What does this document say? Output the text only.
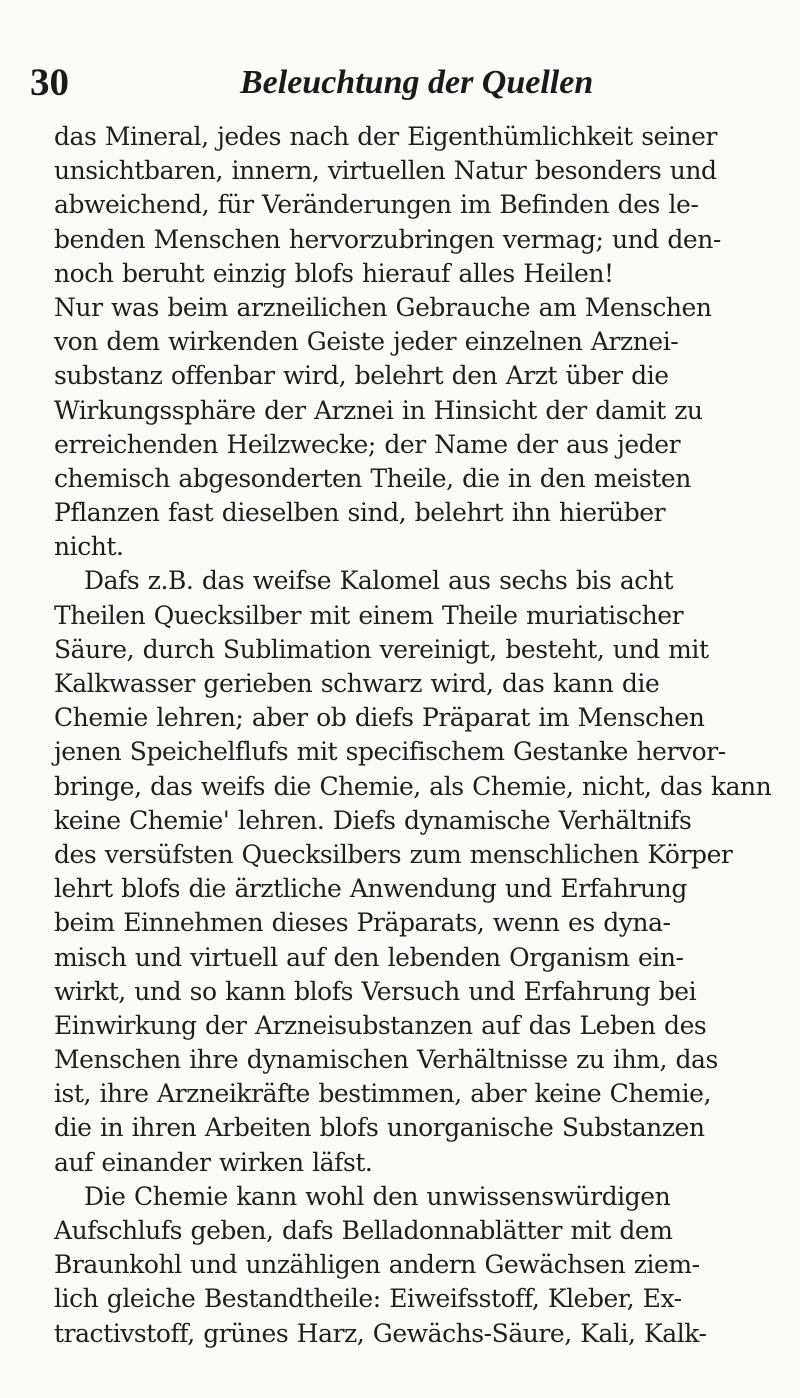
30	Beleuchtung der Quellen
das Mineral, jedes nach der Eigenthümlichkeit seiner
unsichtbaren, innern, virtuellen Natur besonders und
abweichend, für Veränderungen im Befinden des le-
benden Menschen hervorzubringen vermag; und den-
noch beruht einzig blofs hierauf alles Heilen!
Nur was beim arzneilichen Gebrauche am Menschen
von dem wirkenden Geiste jeder einzelnen Arznei-
substanz offenbar wird, belehrt den Arzt über die
Wirkungssphäre der Arznei in Hinsicht der damit zu
erreichenden Heilzwecke; der Name der aus jeder
chemisch abgesonderten Theile, die in den meisten
Pflanzen fast dieselben sind, belehrt ihn hierüber
nicht.
Dafs z.B. das weifse Kalomel aus sechs bis acht
Theilen Quecksilber mit einem Theile muriatischer
Säure, durch Sublimation vereinigt, besteht, und mit
Kalkwasser gerieben schwarz wird, das kann die
Chemie lehren; aber ob diefs Präparat im Menschen
jenen Speichelflufs mit specifischem Gestanke hervor-
bringe, das weifs die Chemie, als Chemie, nicht, das kann
keine Chemie' lehren. Diefs dynamische Verhältnifs
des versüfsten Quecksilbers zum menschlichen Körper
lehrt blofs die ärztliche Anwendung und Erfahrung
beim Einnehmen dieses Präparats, wenn es dyna-
misch und virtuell auf den lebenden Organism ein-
wirkt, und so kann blofs Versuch und Erfahrung bei
Einwirkung der Arzneisubstanzen auf das Leben des
Menschen ihre dynamischen Verhältnisse zu ihm, das
ist, ihre Arzneikräfte bestimmen, aber keine Chemie,
die in ihren Arbeiten blofs unorganische Substanzen
auf einander wirken läfst.
Die Chemie kann wohl den unwissenswürdigen
Aufschlufs geben, dafs Belladonnablätter mit dem
Braunkohl und unzähligen andern Gewächsen ziem-
lich gleiche Bestandtheile: Eiweifsstoff, Kleber, Ex-
tractivstoff, grünes Harz, Gewächs-Säure, Kali, Kalk-
